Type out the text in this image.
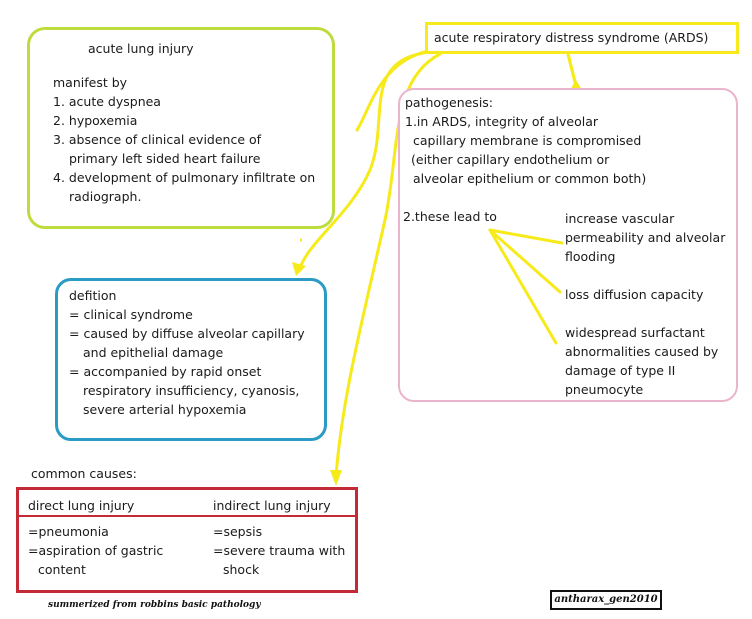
acute respiratory distress syndrome (ARDS)
acute lung injury
manifest by
1. acute dyspnea
2. hypoxemia
3. absence of clinical evidence of
primary left sided heart failure
4. development of pulmonary infiltrate on
radiograph.
defition
= clinical syndrome
= caused by diffuse alveolar capillary
and epithelial damage
= accompanied by rapid onset
respiratory insufficiency, cyanosis,
severe arterial hypoxemia
pathogenesis:
1.in ARDS, integrity of alveolar
capillary membrane is compromised
(either capillary endothelium or
alveolar epithelium or common both)
2.these lead to	increase vascular
permeability and alveolar
flooding
loss diffusion capacity
widespread surfactant
abnormalities caused by
damage of type II
pneumocyte
common causes:
direct lung injury	indirect lung injury
=pneumonia
=aspiration of gastric
content
=sepsis
=severe trauma with
shock
summerized from robbins basic pathology	antharax_gen2010
